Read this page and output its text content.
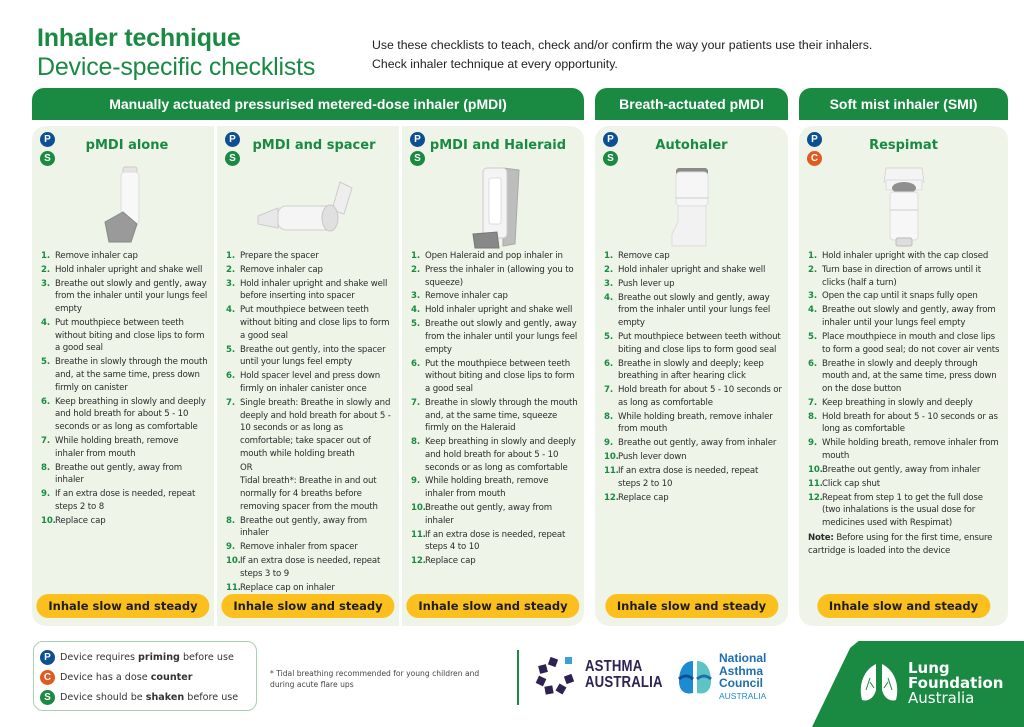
Inhaler technique
Device-specific checklists
Use these checklists to teach, check and/or confirm the way your patients use their inhalers.
Check inhaler technique at every opportunity.
Manually actuated pressurised metered-dose inhaler (pMDI)	Breath-actuated pMDI	Soft mist inhaler (SMI)
P
S
pMDI alone
1. Remove inhaler cap
2. Hold inhaler upright and shake well
3. Breathe out slowly and gently, away from the inhaler until your lungs feel empty
4. Put mouthpiece between teeth without biting and close lips to form a good seal
5. Breathe in slowly through the mouth and, at the same time, press down firmly on canister
6. Keep breathing in slowly and deeply and hold breath for about 5 - 10 seconds or as long as comfortable
7. While holding breath, remove inhaler from mouth
8. Breathe out gently, away from inhaler
9. If an extra dose is needed, repeat steps 2 to 8
10. Replace cap
Inhale slow and steady
P
S
pMDI and spacer
1. Prepare the spacer
2. Remove inhaler cap
3. Hold inhaler upright and shake well before inserting into spacer
4. Put mouthpiece between teeth without biting and close lips to form a good seal
5. Breathe out gently, into the spacer until your lungs feel empty
6. Hold spacer level and press down firmly on inhaler canister once
7. Single breath: Breathe in slowly and deeply and hold breath for about 5 - 10 seconds or as long as comfortable; take spacer out of mouth while holding breath
OR
Tidal breath*: Breathe in and out normally for 4 breaths before removing spacer from the mouth
8. Breathe out gently, away from inhaler
9. Remove inhaler from spacer
10. If an extra dose is needed, repeat steps 3 to 9
11. Replace cap on inhaler
Inhale slow and steady
P
S
pMDI and Haleraid
1. Open Haleraid and pop inhaler in
2. Press the inhaler in (allowing you to squeeze)
3. Remove inhaler cap
4. Hold inhaler upright and shake well
5. Breathe out slowly and gently, away from the inhaler until your lungs feel empty
6. Put the mouthpiece between teeth without biting and close lips to form a good seal
7. Breathe in slowly through the mouth and, at the same time, squeeze firmly on the Haleraid
8. Keep breathing in slowly and deeply and hold breath for about 5 - 10 seconds or as long as comfortable
9. While holding breath, remove inhaler from mouth
10. Breathe out gently, away from inhaler
11. If an extra dose is needed, repeat steps 4 to 10
12. Replace cap
Inhale slow and steady
P
S
Autohaler
1. Remove cap
2. Hold inhaler upright and shake well
3. Push lever up
4. Breathe out slowly and gently, away from the inhaler until your lungs feel empty
5. Put mouthpiece between teeth without biting and close lips to form good seal
6. Breathe in slowly and deeply; keep breathing in after hearing click
7. Hold breath for about 5 - 10 seconds or as long as comfortable
8. While holding breath, remove inhaler from mouth
9. Breathe out gently, away from inhaler
10. Push lever down
11. If an extra dose is needed, repeat steps 2 to 10
12. Replace cap
Inhale slow and steady
P
C
Respimat
1. Hold inhaler upright with the cap closed
2. Turn base in direction of arrows until it clicks (half a turn)
3. Open the cap until it snaps fully open
4. Breathe out slowly and gently, away from inhaler until your lungs feel empty
5. Place mouthpiece in mouth and close lips to form a good seal; do not cover air vents
6. Breathe in slowly and deeply through mouth and, at the same time, press down on the dose button
7. Keep breathing in slowly and deeply
8. Hold breath for about 5 - 10 seconds or as long as comfortable
9. While holding breath, remove inhaler from mouth
10. Breathe out gently, away from inhaler
11. Click cap shut
12. Repeat from step 1 to get the full dose (two inhalations is the usual dose for medicines used with Respimat)
Note: Before using for the first time, ensure cartridge is loaded into the device
Inhale slow and steady
P Device requires priming before use
C Device has a dose counter
S Device should be shaken before use
* Tidal breathing recommended for young children and during acute flare ups
ASTHMA
AUSTRALIA
National
Asthma
Council
AUSTRALIA
Lung
Foundation
Australia
